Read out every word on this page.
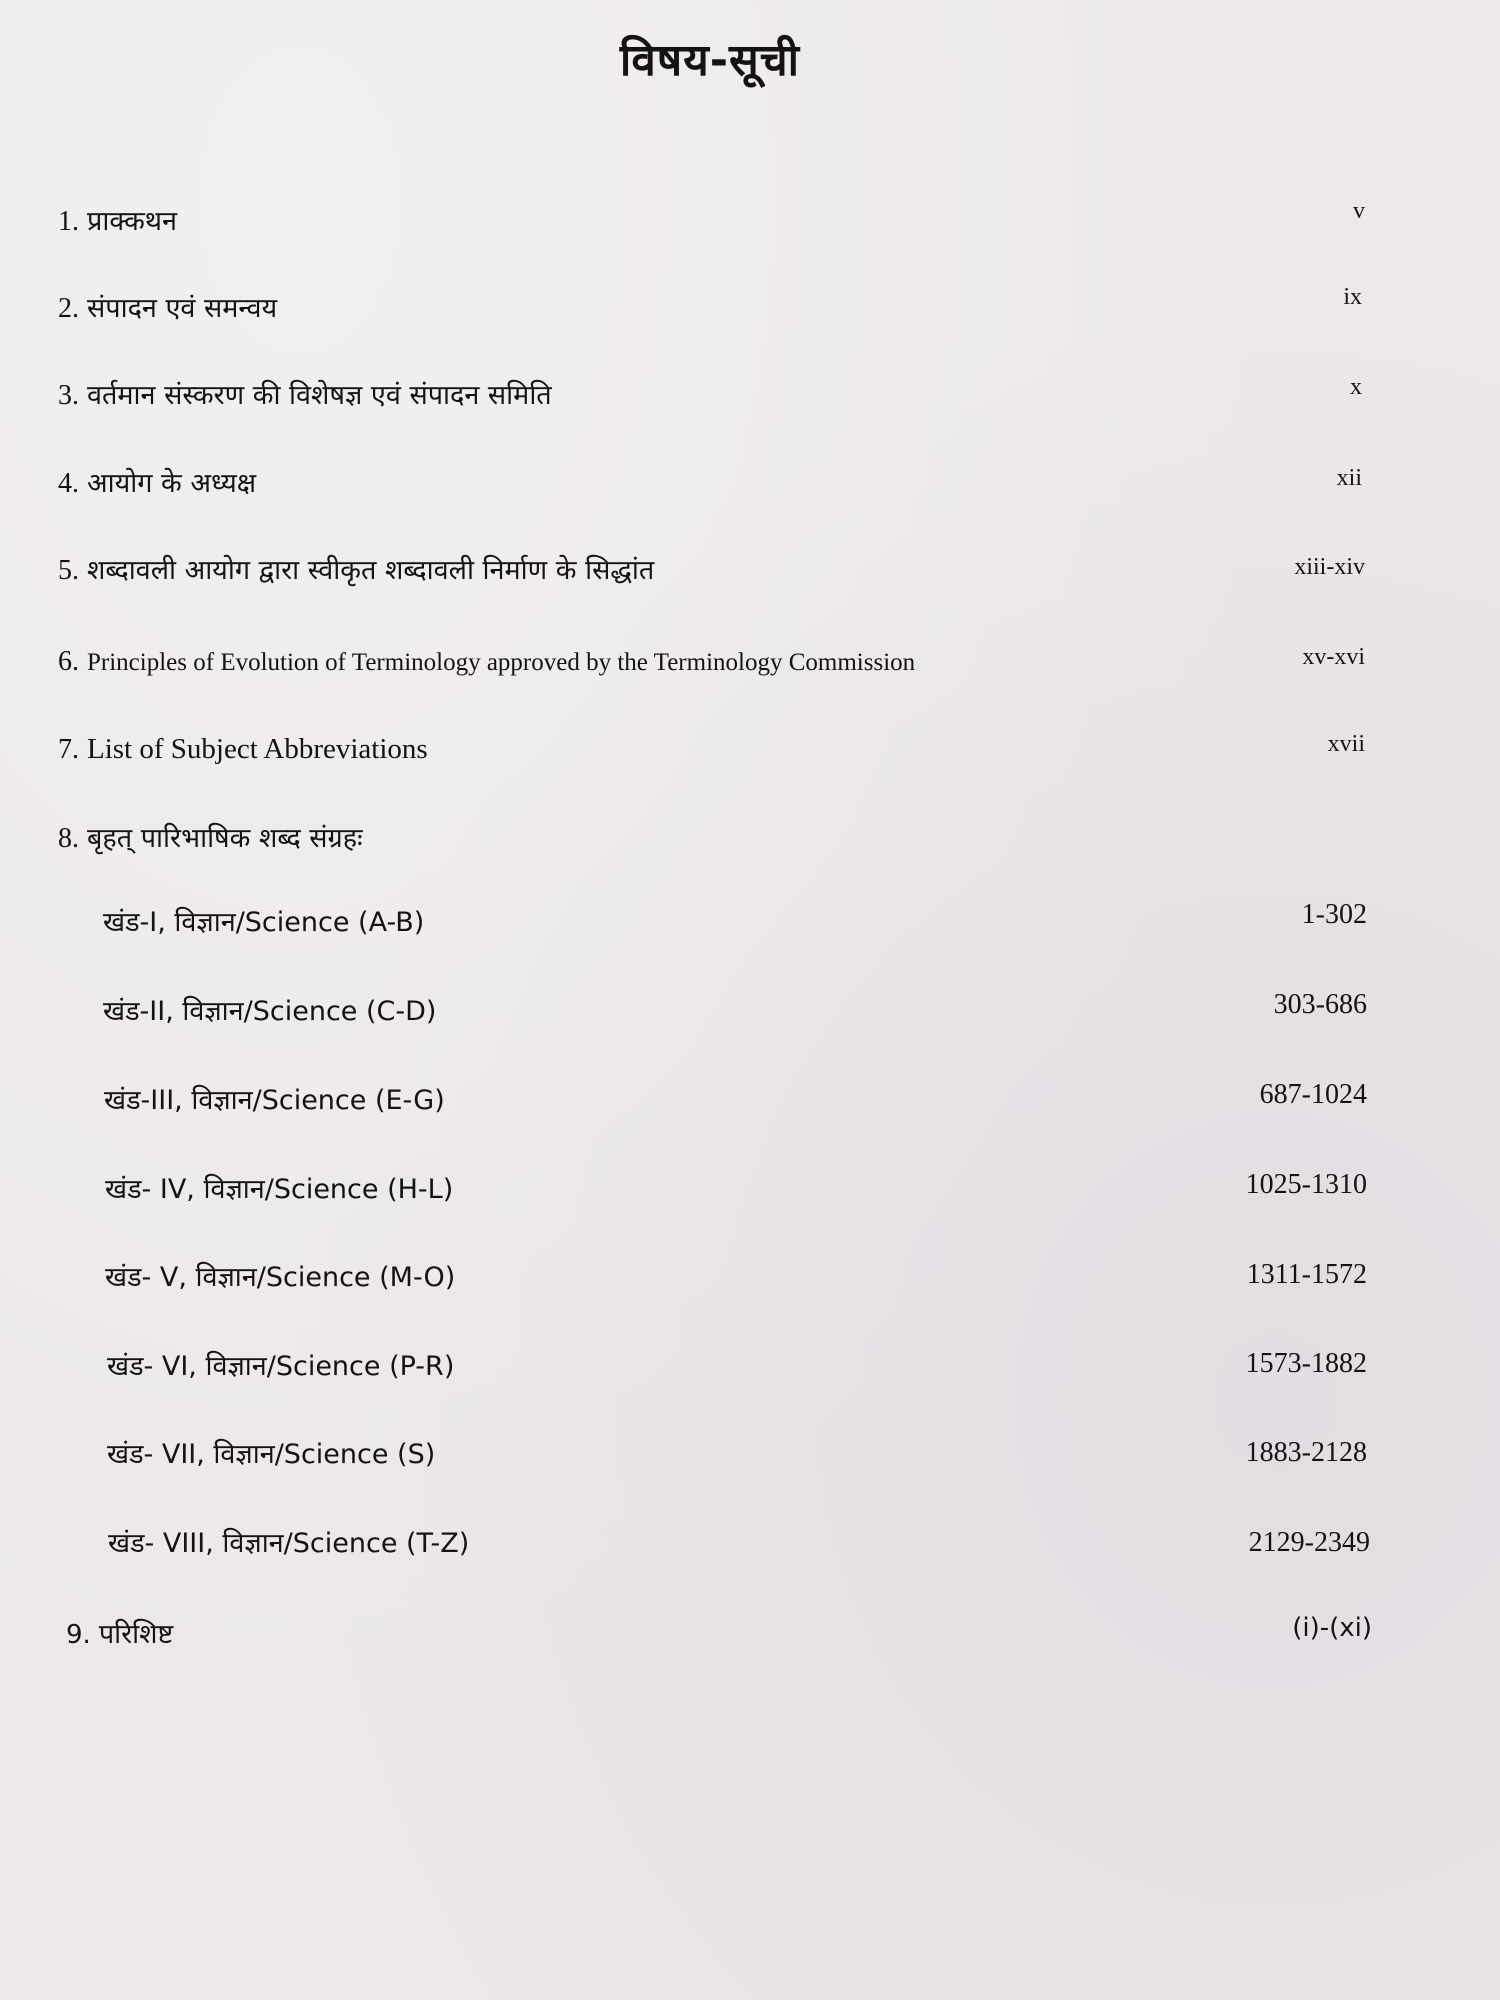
विषय-सूची
1. प्राक्कथन	v
2. संपादन एवं समन्वय	ix
3. वर्तमान संस्करण की विशेषज्ञ एवं संपादन समिति	x
4. आयोग के अध्यक्ष	xii
5. शब्दावली आयोग द्वारा स्वीकृत शब्दावली निर्माण के सिद्धांत	xiii-xiv
6. Principles of Evolution of Terminology approved by the Terminology Commission	xv-xvi
7. List of Subject Abbreviations	xvii
8. बृहत् पारिभाषिक शब्द संग्रहः
खंड-I, विज्ञान/Science (A-B)	1-302
खंड-II, विज्ञान/Science (C-D)	303-686
खंड-III, विज्ञान/Science (E-G)	687-1024
खंड- IV, विज्ञान/Science (H-L)	1025-1310
खंड- V, विज्ञान/Science (M-O)	1311-1572
खंड- VI, विज्ञान/Science (P-R)	1573-1882
खंड- VII, विज्ञान/Science (S)	1883-2128
खंड- VIII, विज्ञान/Science (T-Z)	2129-2349
9. परिशिष्ट	(i)-(xi)
